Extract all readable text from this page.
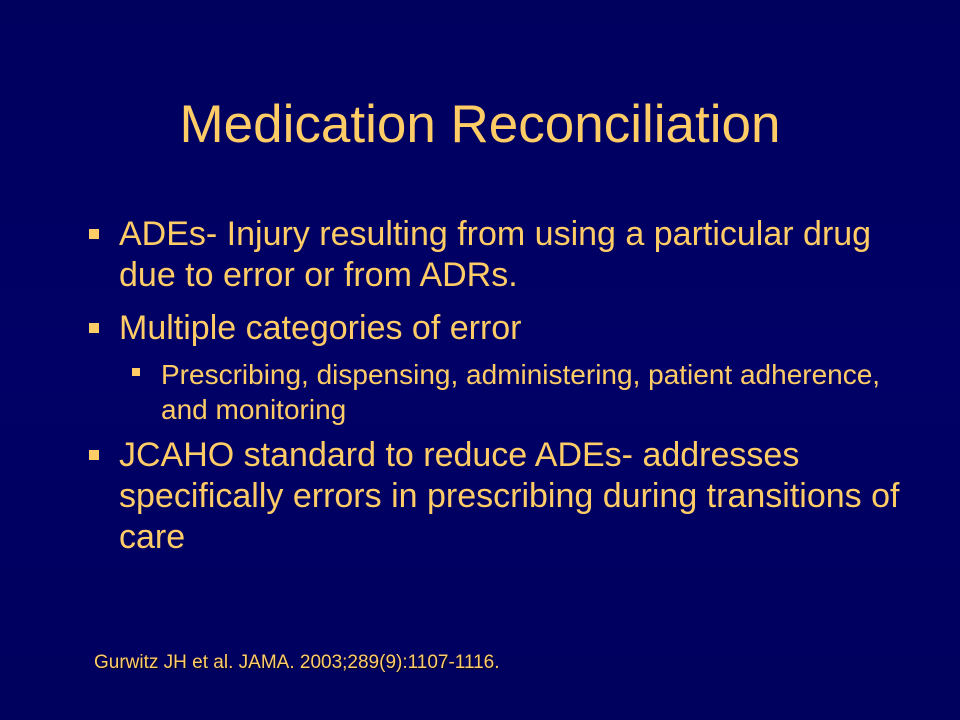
Medication Reconciliation
ADEs- Injury resulting from using a particular drug due to error or from ADRs.
Multiple categories of error
Prescribing, dispensing, administering, patient adherence, and monitoring
JCAHO standard to reduce ADEs- addresses specifically errors in prescribing during transitions of care
Gurwitz JH et al. JAMA. 2003;289(9):1107-1116.
